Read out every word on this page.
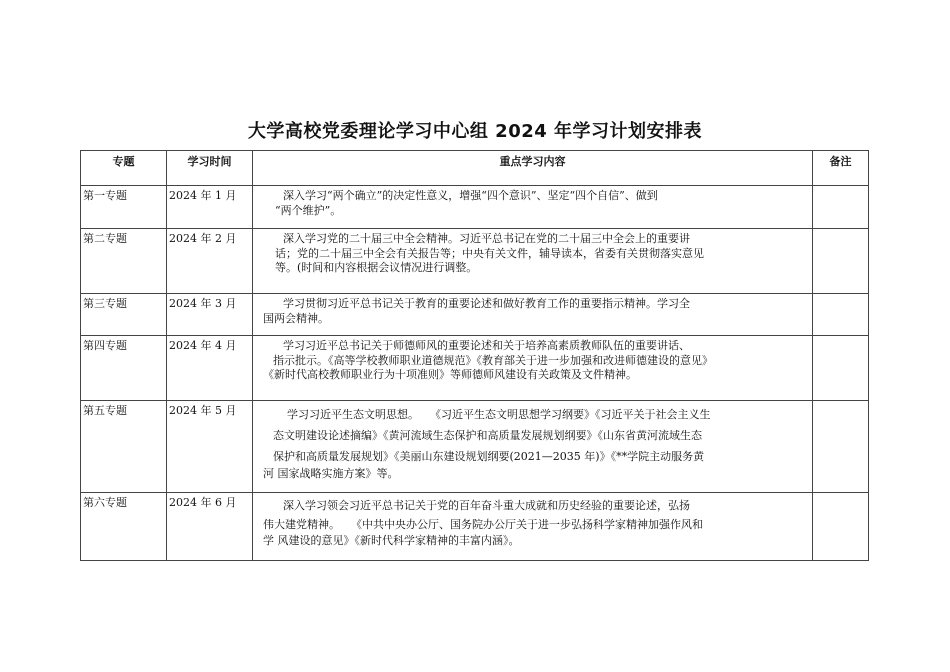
大学高校党委理论学习中心组 2024 年学习计划安排表
专题	学习时间	重点学习内容	备注
第一专题	2024 年 1 月	深入学习“两个确立”的决定性意义，增强“四个意识”、坚定“四个自信”、做到
“两个维护”。	

第二专题	2024 年 2 月	深入学习党的二十届三中全会精神。习近平总书记在党的二十届三中全会上的重要讲
话；党的二十届三中全会有关报告等；中央有关文件，辅导读本，省委有关贯彻落实意见
等。(时间和内容根据会议情况进行调整。	

第三专题	2024 年 3 月	学习贯彻习近平总书记关于教育的重要论述和做好教育工作的重要指示精神。学习全
国两会精神。	

第四专题	2024 年 4 月	学习习近平总书记关于师德师风的重要论述和关于培养高素质教师队伍的重要讲话、
指示批示。《高等学校教师职业道德规范》《教育部关于进一步加强和改进师德建设的意见》
《新时代高校教师职业行为十项准则》等师德师风建设有关政策及文件精神。	

第五专题	2024 年 5 月	学习习近平生态文明思想。　　《习近平生态文明思想学习纲要》《习近平关于社会主义生
态文明建设论述摘编》《黄河流域生态保护和高质量发展规划纲要》《山东省黄河流域生态
保护和高质量发展规划》《美丽山东建设规划纲要(2021—2035 年)》《**学院主动服务黄
河 国家战略实施方案》等。	

第六专题	2024 年 6 月	深入学习领会习近平总书记关于党的百年奋斗重大成就和历史经验的重要论述，弘扬
伟大建党精神。　　《中共中央办公厅、国务院办公厅关于进一步弘扬科学家精神加强作风和
学 风建设的意见》《新时代科学家精神的丰富内涵》。	
